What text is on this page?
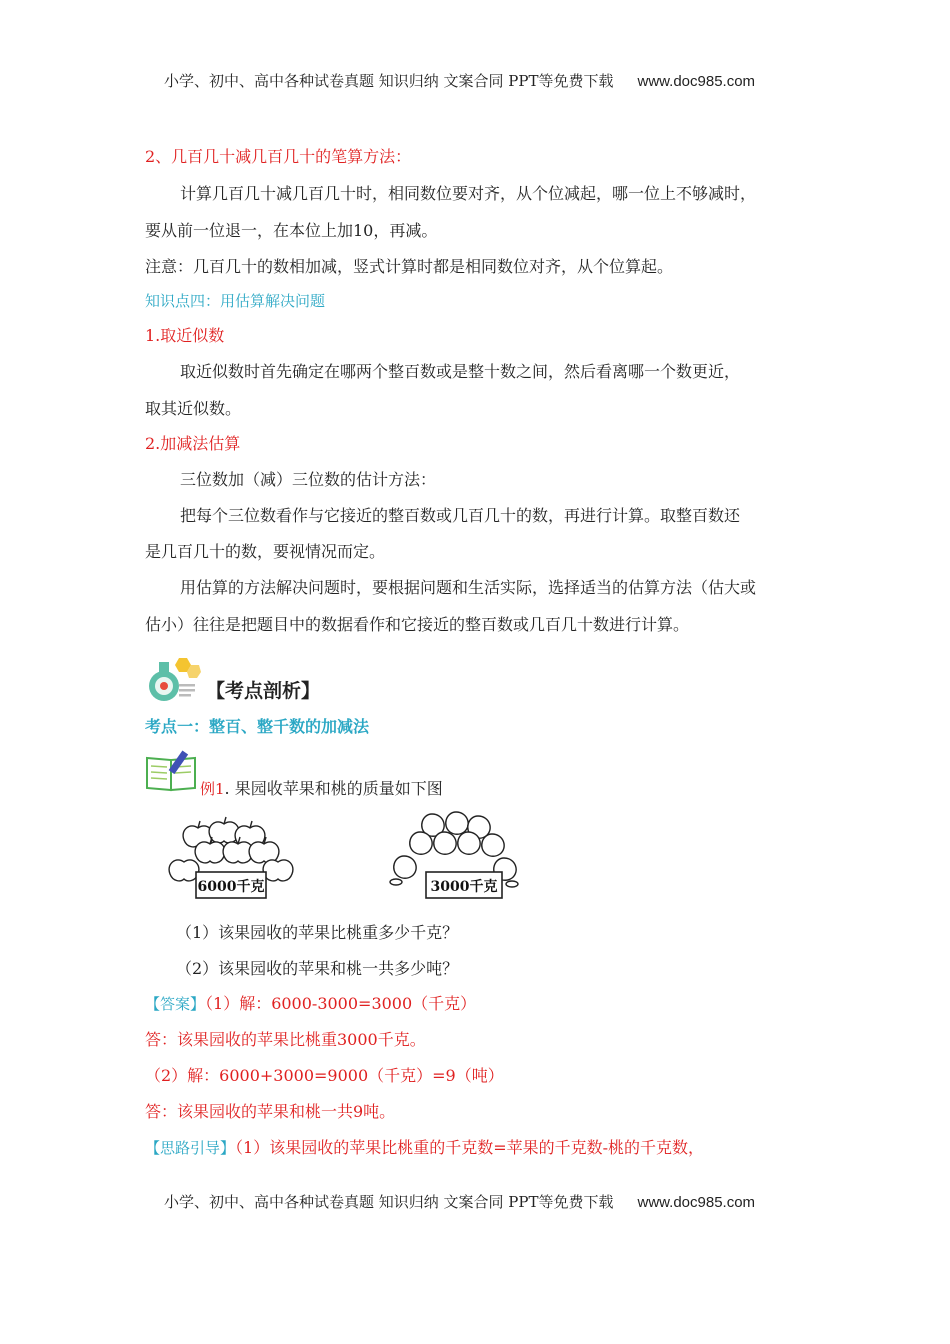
小学、初中、高中各种试卷真题 知识归纳 文案合同 PPT等免费下载 www.doc985.com
2、几百几十减几百几十的笔算方法：
计算几百几十减几百几十时，相同数位要对齐，从个位减起，哪一位上不够减时，
要从前一位退一，在本位上加10，再减。
注意：几百几十的数相加减，竖式计算时都是相同数位对齐，从个位算起。
知识点四：用估算解决问题
1.取近似数
取近似数时首先确定在哪两个整百数或是整十数之间，然后看离哪一个数更近，
取其近似数。
2.加减法估算
三位数加（减）三位数的估计方法：
把每个三位数看作与它接近的整百数或几百几十的数，再进行计算。取整百数还
是几百几十的数，要视情况而定。
用估算的方法解决问题时，要根据问题和生活实际，选择适当的估算方法（估大或
估小）往往是把题目中的数据看作和它接近的整百数或几百几十数进行计算。
【考点剖析】
考点一：整百、整千数的加减法
例1. 果园收苹果和桃的质量如下图
6000千克	3000千克
（1）该果园收的苹果比桃重多少千克？
（2）该果园收的苹果和桃一共多少吨？
【答案】（1）解：6000-3000=3000（千克）
答：该果园收的苹果比桃重3000千克。
（2）解：6000+3000=9000（千克）=9（吨）
答：该果园收的苹果和桃一共9吨。
【思路引导】（1）该果园收的苹果比桃重的千克数=苹果的千克数-桃的千克数，
小学、初中、高中各种试卷真题 知识归纳 文案合同 PPT等免费下载 www.doc985.com
